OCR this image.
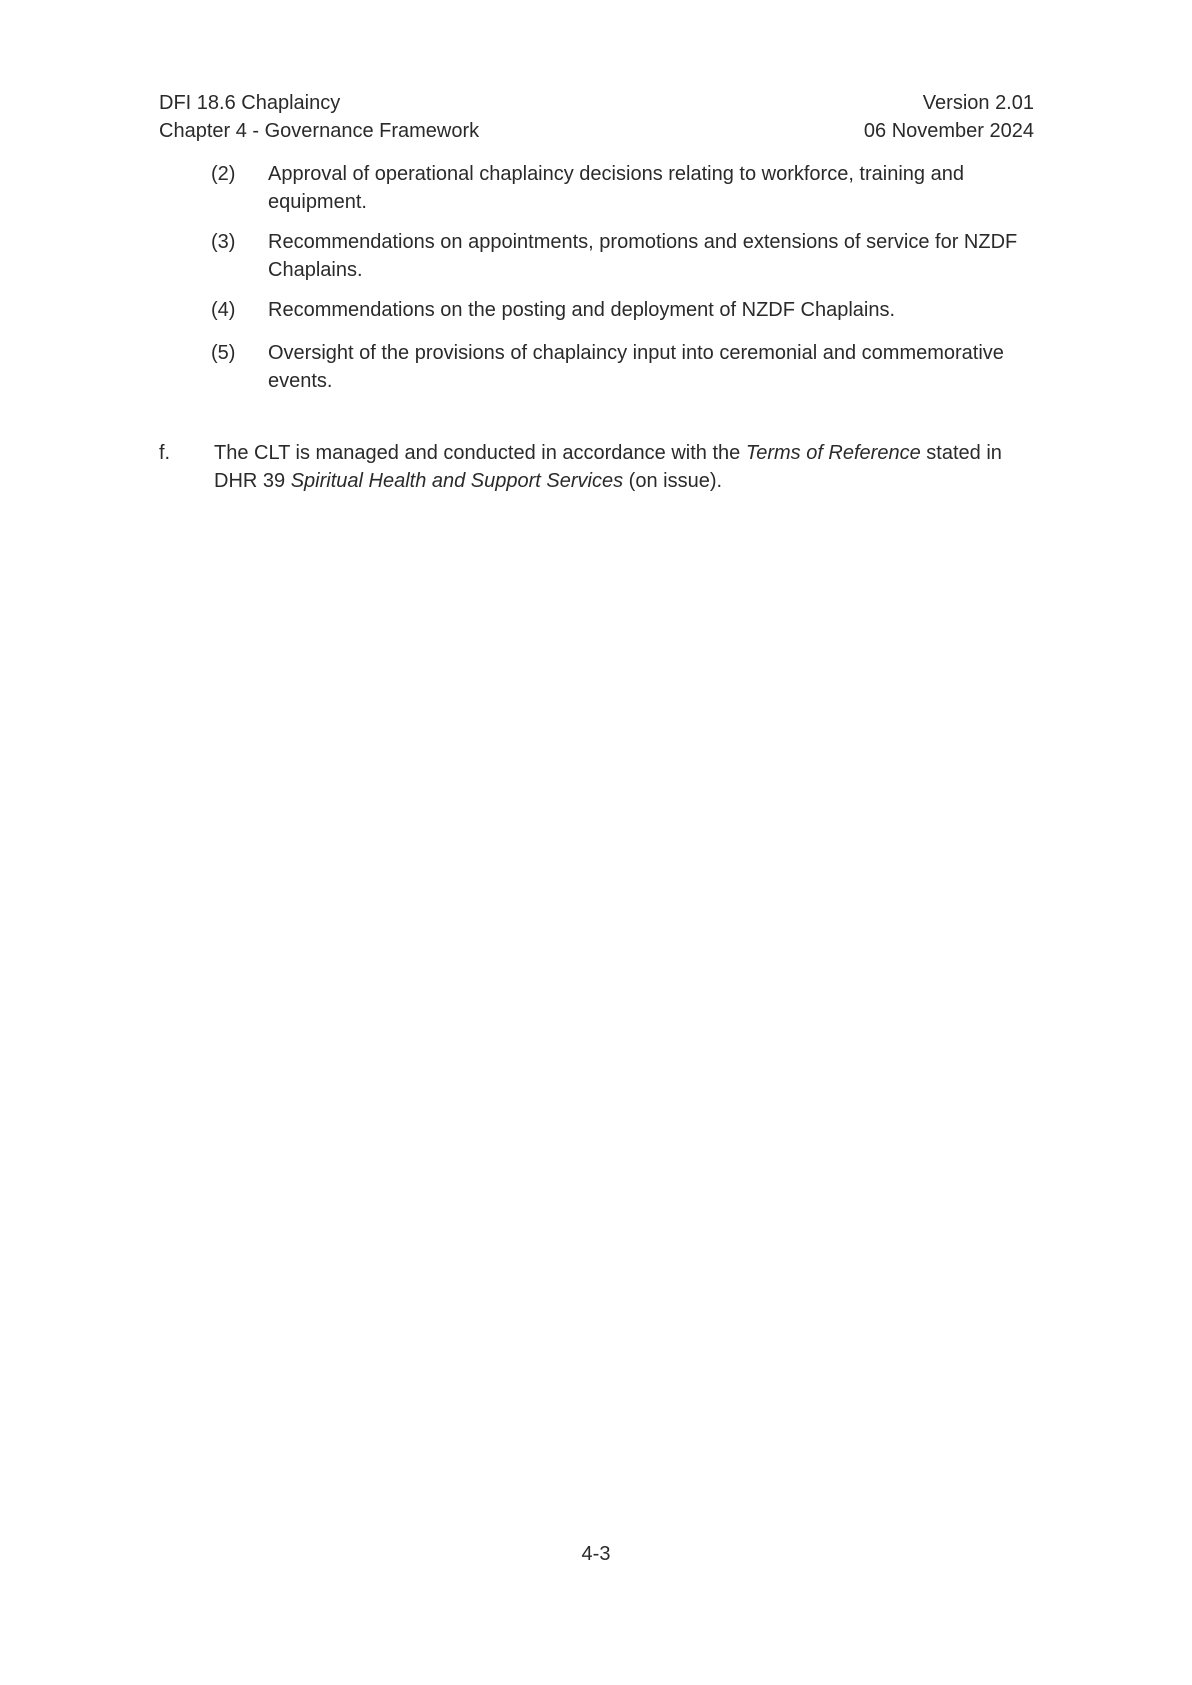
DFI 18.6 Chaplaincy
Chapter 4 - Governance Framework
Version 2.01
06 November 2024
(2) Approval of operational chaplaincy decisions relating to workforce, training and equipment.
(3) Recommendations on appointments, promotions and extensions of service for NZDF Chaplains.
(4) Recommendations on the posting and deployment of NZDF Chaplains.
(5) Oversight of the provisions of chaplaincy input into ceremonial and commemorative events.
f. The CLT is managed and conducted in accordance with the Terms of Reference stated in DHR 39 Spiritual Health and Support Services (on issue).
4-3
